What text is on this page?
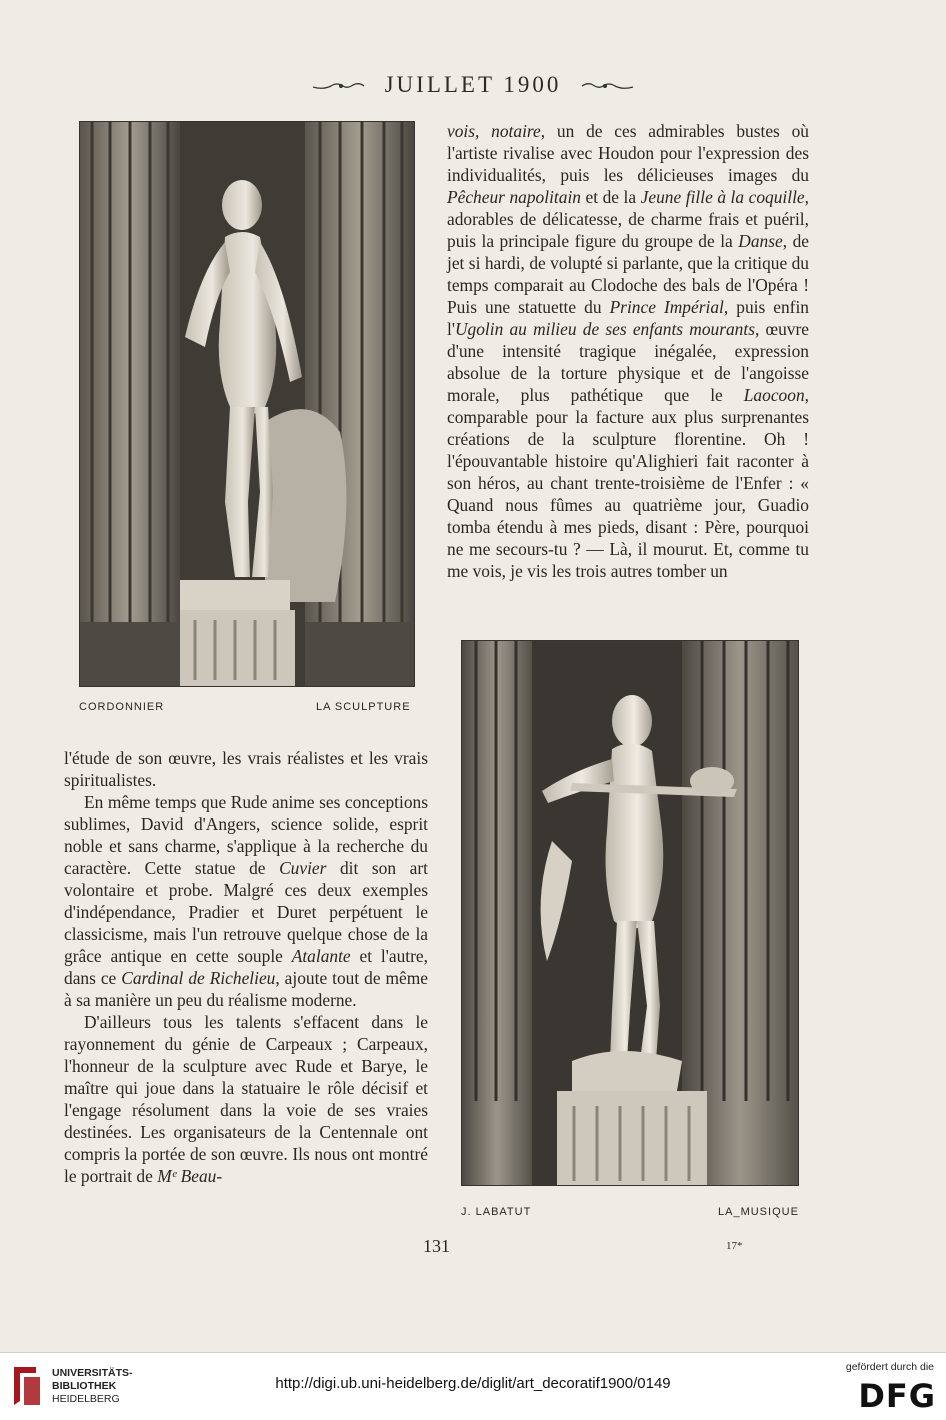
JUILLET 1900
CORDONNIER	LA SCULPTURE
J. LABATUT	LA_MUSIQUE

vois, notaire, un de ces admirables bustes où l'artiste rivalise avec Houdon pour l'expression des individualités, puis les délicieuses images du Pêcheur napolitain et de la Jeune fille à la coquille, adorables de délicatesse, de charme frais et puéril, puis la principale figure du groupe de la Danse, de jet si hardi, de volupté si parlante, que la critique du temps comparait au Clodoche des bals de l'Opéra ! Puis une statuette du Prince Impérial, puis enfin l'Ugolin au milieu de ses enfants mourants, œuvre d'une intensité tragique inégalée, expression absolue de la torture physique et de l'angoisse morale, plus pathétique que le Laocoon, comparable pour la facture aux plus surprenantes créations de la sculpture florentine. Oh ! l'épouvantable histoire qu'Alighieri fait raconter à son héros, au chant trente-troisième de l'Enfer : « Quand nous fûmes au quatrième jour, Guadio tomba étendu à mes pieds, disant : Père, pourquoi ne me secours-tu ? — Là, il mourut. Et, comme tu me vois, je vis les trois autres tomber un

l'étude de son œuvre, les vrais réalistes et les vrais spiritualistes.

En même temps que Rude anime ses conceptions sublimes, David d'Angers, science solide, esprit noble et sans charme, s'applique à la recherche du caractère. Cette statue de Cuvier dit son art volontaire et probe. Malgré ces deux exemples d'indépendance, Pradier et Duret perpétuent le classicisme, mais l'un retrouve quelque chose de la grâce antique en cette souple Atalante et l'autre, dans ce Cardinal de Richelieu, ajoute tout de même à sa manière un peu du réalisme moderne.

D'ailleurs tous les talents s'effacent dans le rayonnement du génie de Carpeaux ; Carpeaux, l'honneur de la sculpture avec Rude et Barye, le maître qui joue dans la statuaire le rôle décisif et l'engage résolument dans la voie de ses vraies destinées. Les organisateurs de la Centennale ont compris la portée de son œuvre. Ils nous ont montré le portrait de Mᵉ Beau-

131	17*
UNIVERSITÄTS-
BIBLIOTHEK
HEIDELBERG
http://digi.ub.uni-heidelberg.de/diglit/art_decoratif1900/0149
gefördert durch die
DFG
